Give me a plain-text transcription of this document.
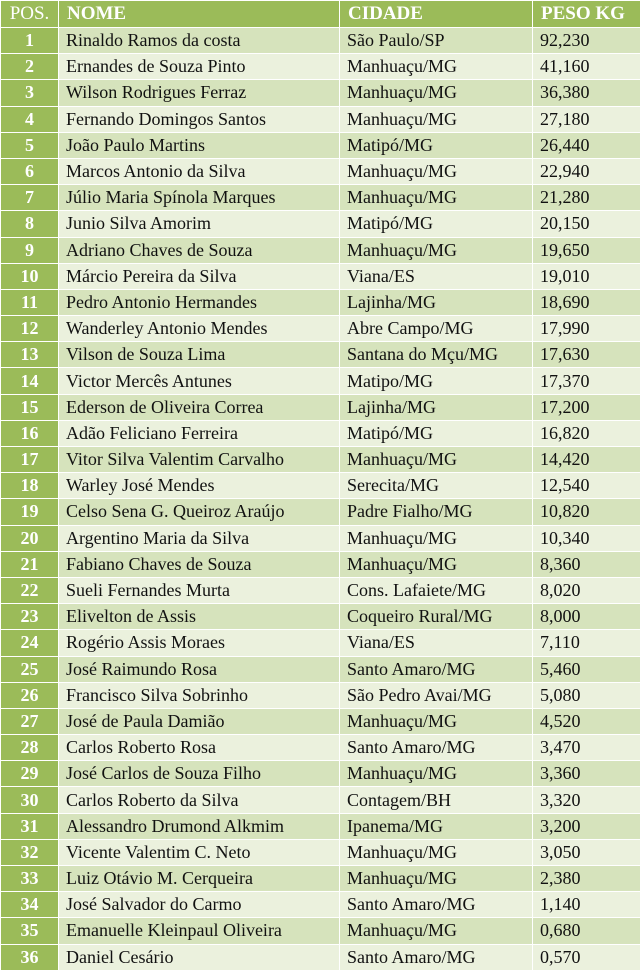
POS.	NOME	CIDADE	PESO KG
1	Rinaldo Ramos da costa	São Paulo/SP	92,230
2	Ernandes de Souza Pinto	Manhuaçu/MG	41,160
3	Wilson Rodrigues Ferraz	Manhuaçu/MG	36,380
4	Fernando Domingos Santos	Manhuaçu/MG	27,180
5	João Paulo Martins	Matipó/MG	26,440
6	Marcos Antonio da Silva	Manhuaçu/MG	22,940
7	Júlio Maria Spínola Marques	Manhuaçu/MG	21,280
8	Junio Silva Amorim	Matipó/MG	20,150
9	Adriano Chaves de Souza	Manhuaçu/MG	19,650
10	Márcio Pereira da Silva	Viana/ES	19,010
11	Pedro Antonio Hermandes	Lajinha/MG	18,690
12	Wanderley Antonio Mendes	Abre Campo/MG	17,990
13	Vilson de Souza Lima	Santana do Mçu/MG	17,630
14	Victor Mercês Antunes	Matipo/MG	17,370
15	Ederson de Oliveira Correa	Lajinha/MG	17,200
16	Adão Feliciano Ferreira	Matipó/MG	16,820
17	Vitor Silva Valentim Carvalho	Manhuaçu/MG	14,420
18	Warley José Mendes	Serecita/MG	12,540
19	Celso Sena G. Queiroz Araújo	Padre Fialho/MG	10,820
20	Argentino Maria da Silva	Manhuaçu/MG	10,340
21	Fabiano Chaves de Souza	Manhuaçu/MG	8,360
22	Sueli Fernandes Murta	Cons. Lafaiete/MG	8,020
23	Elivelton de Assis	Coqueiro Rural/MG	8,000
24	Rogério Assis Moraes	Viana/ES	7,110
25	José Raimundo Rosa	Santo Amaro/MG	5,460
26	Francisco Silva Sobrinho	São Pedro Avai/MG	5,080
27	José de Paula Damião	Manhuaçu/MG	4,520
28	Carlos Roberto Rosa	Santo Amaro/MG	3,470
29	José Carlos de Souza Filho	Manhuaçu/MG	3,360
30	Carlos Roberto da Silva	Contagem/BH	3,320
31	Alessandro Drumond Alkmim	Ipanema/MG	3,200
32	Vicente Valentim C. Neto	Manhuaçu/MG	3,050
33	Luiz Otávio M. Cerqueira	Manhuaçu/MG	2,380
34	José Salvador do Carmo	Santo Amaro/MG	1,140
35	Emanuelle Kleinpaul Oliveira	Manhuaçu/MG	0,680
36	Daniel Cesário	Santo Amaro/MG	0,570
